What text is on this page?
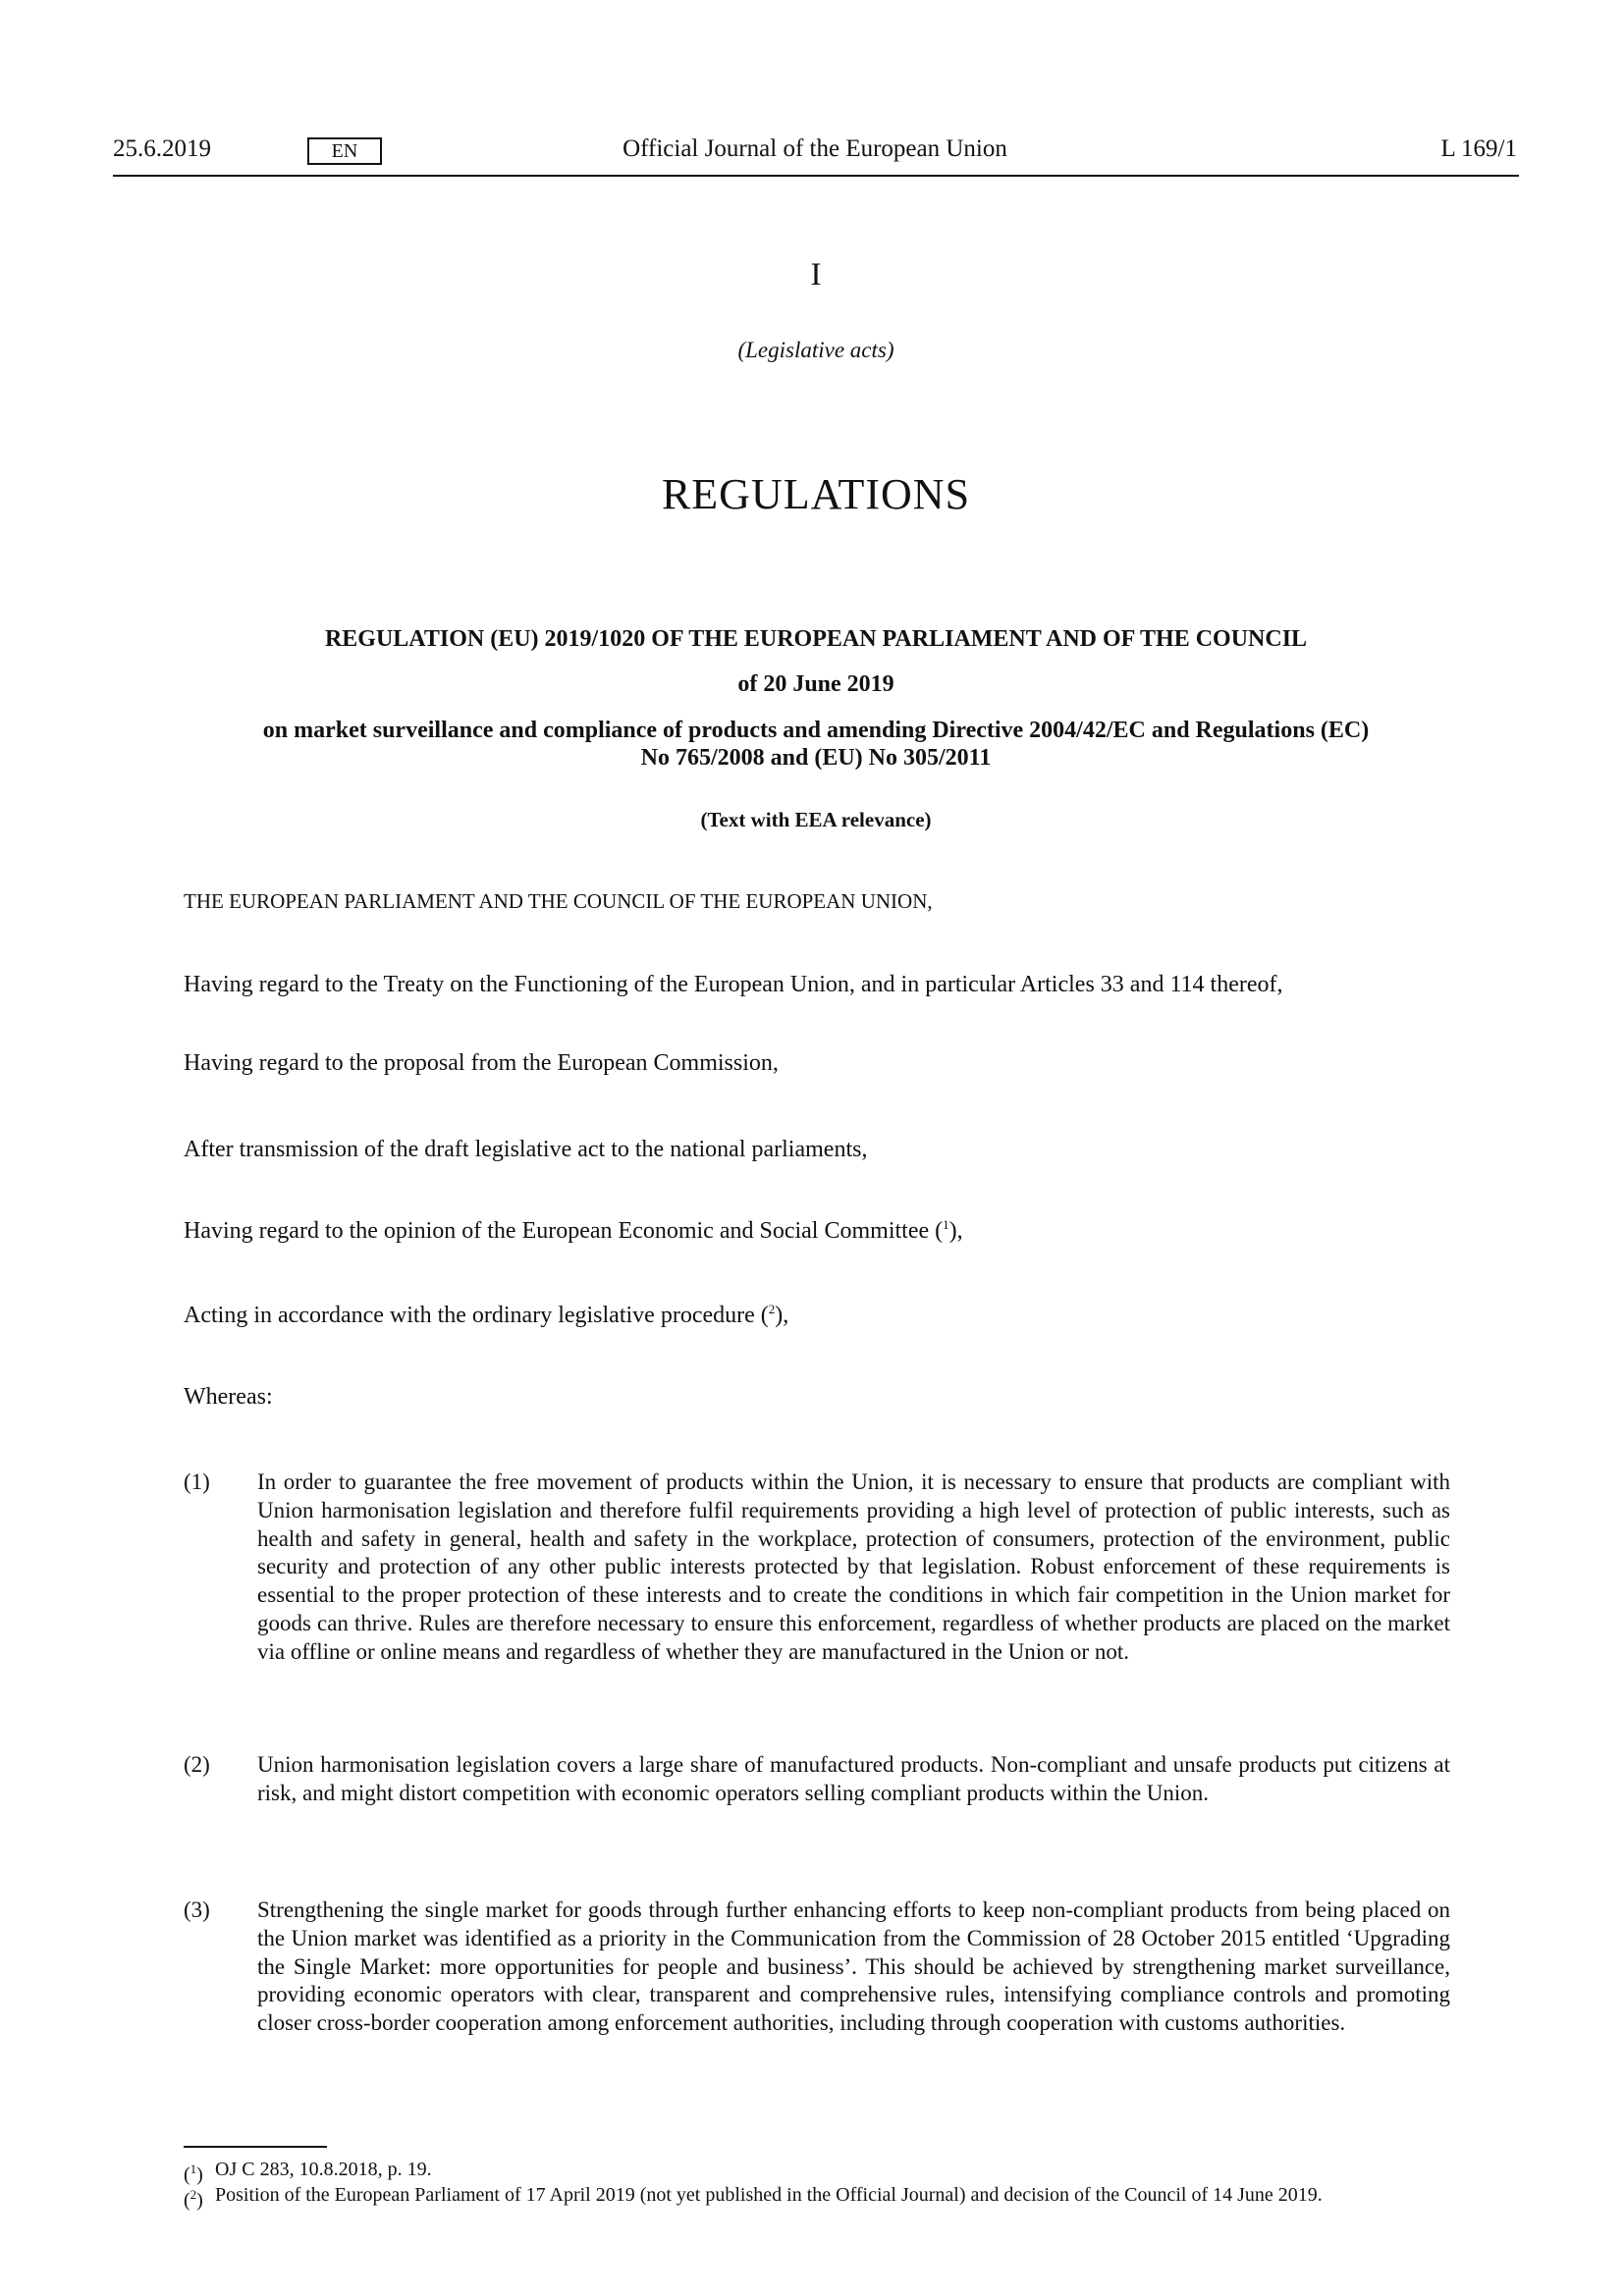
25.6.2019	EN	Official Journal of the European Union	L 169/1
I
(Legislative acts)
REGULATIONS
REGULATION (EU) 2019/1020 OF THE EUROPEAN PARLIAMENT AND OF THE COUNCIL
of 20 June 2019
on market surveillance and compliance of products and amending Directive 2004/42/EC and Regulations (EC) No 765/2008 and (EU) No 305/2011
(Text with EEA relevance)
THE EUROPEAN PARLIAMENT AND THE COUNCIL OF THE EUROPEAN UNION,
Having regard to the Treaty on the Functioning of the European Union, and in particular Articles 33 and 114 thereof,
Having regard to the proposal from the European Commission,
After transmission of the draft legislative act to the national parliaments,
Having regard to the opinion of the European Economic and Social Committee ($^1$),
Acting in accordance with the ordinary legislative procedure ($^2$),
Whereas:
(1) In order to guarantee the free movement of products within the Union, it is necessary to ensure that products are compliant with Union harmonisation legislation and therefore fulfil requirements providing a high level of protection of public interests, such as health and safety in general, health and safety in the workplace, protection of consumers, protection of the environment, public security and protection of any other public interests protected by that legislation. Robust enforcement of these requirements is essential to the proper protection of these interests and to create the conditions in which fair competition in the Union market for goods can thrive. Rules are therefore necessary to ensure this enforcement, regardless of whether products are placed on the market via offline or online means and regardless of whether they are manufactured in the Union or not.
(2) Union harmonisation legislation covers a large share of manufactured products. Non-compliant and unsafe products put citizens at risk, and might distort competition with economic operators selling compliant products within the Union.
(3) Strengthening the single market for goods through further enhancing efforts to keep non-compliant products from being placed on the Union market was identified as a priority in the Communication from the Commission of 28 October 2015 entitled ‘Upgrading the Single Market: more opportunities for people and business’. This should be achieved by strengthening market surveillance, providing economic operators with clear, transparent and comprehensive rules, intensifying compliance controls and promoting closer cross-border cooperation among enforcement authorities, including through cooperation with customs authorities.
($^1$) OJ C 283, 10.8.2018, p. 19.
($^2$) Position of the European Parliament of 17 April 2019 (not yet published in the Official Journal) and decision of the Council of 14 June 2019.
